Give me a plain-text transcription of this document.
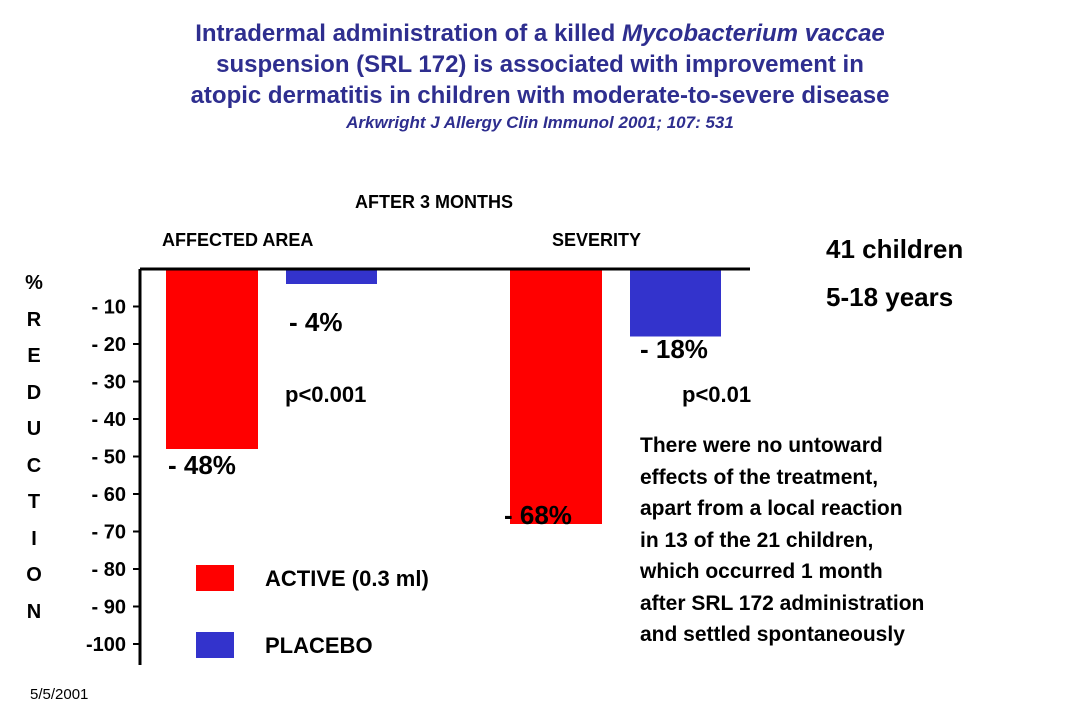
Intradermal administration of a killed Mycobacterium vaccae
suspension (SRL 172) is associated with improvement in
atopic dermatitis in children with moderate-to-severe disease
Arkwright J Allergy Clin Immunol 2001; 107: 531
AFTER 3 MONTHS
AFFECTED AREA	SEVERITY
%
R
E
D
U
C
T
I
O
N
- 10
- 20
- 30
- 40
- 50
- 60
- 70
- 80
- 90
-100
- 48%
- 68%
- 4%
- 18%
p<0.001	p<0.01
ACTIVE (0.3 ml)
PLACEBO
41 children
5-18 years
There were no untoward
effects of the treatment,
apart from a local reaction
in 13 of the 21 children,
which occurred 1 month
after SRL 172 administration
and settled spontaneously
5/5/2001
